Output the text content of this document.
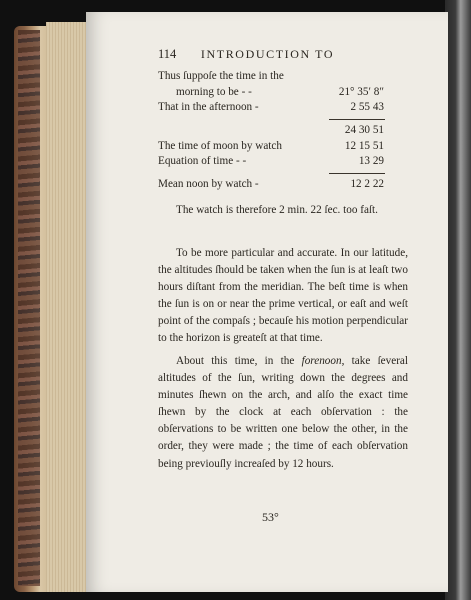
114 INTRODUCTION TO
Thus ſuppoſe the time in the
morning to be - -	21° 35′ 8″
That in the afternoon -	2 55 43
24 30 51
The time of moon by watch	12 15 51
Equation of time - -	13 29
Mean noon by watch -	12 2 22
The watch is therefore 2 min. 22 ſec. too faſt.
To be more particular and accurate. In our latitude, the altitudes ſhould be taken when the ſun is at leaſt two hours diſtant from the meridian. The beſt time is when the ſun is on or near the prime vertical, or eaſt and weſt point of the compaſs ; becauſe his motion perpendicular to the horizon is greateſt at that time.
About this time, in the forenoon, take ſeveral altitudes of the ſun, writing down the degrees and minutes ſhewn on the arch, and alſo the exact time ſhewn by the clock at each obſervation : the obſervations to be written one below the other, in the order, they were made ; the time of each obſervation being previouſly increaſed by 12 hours.
53°
